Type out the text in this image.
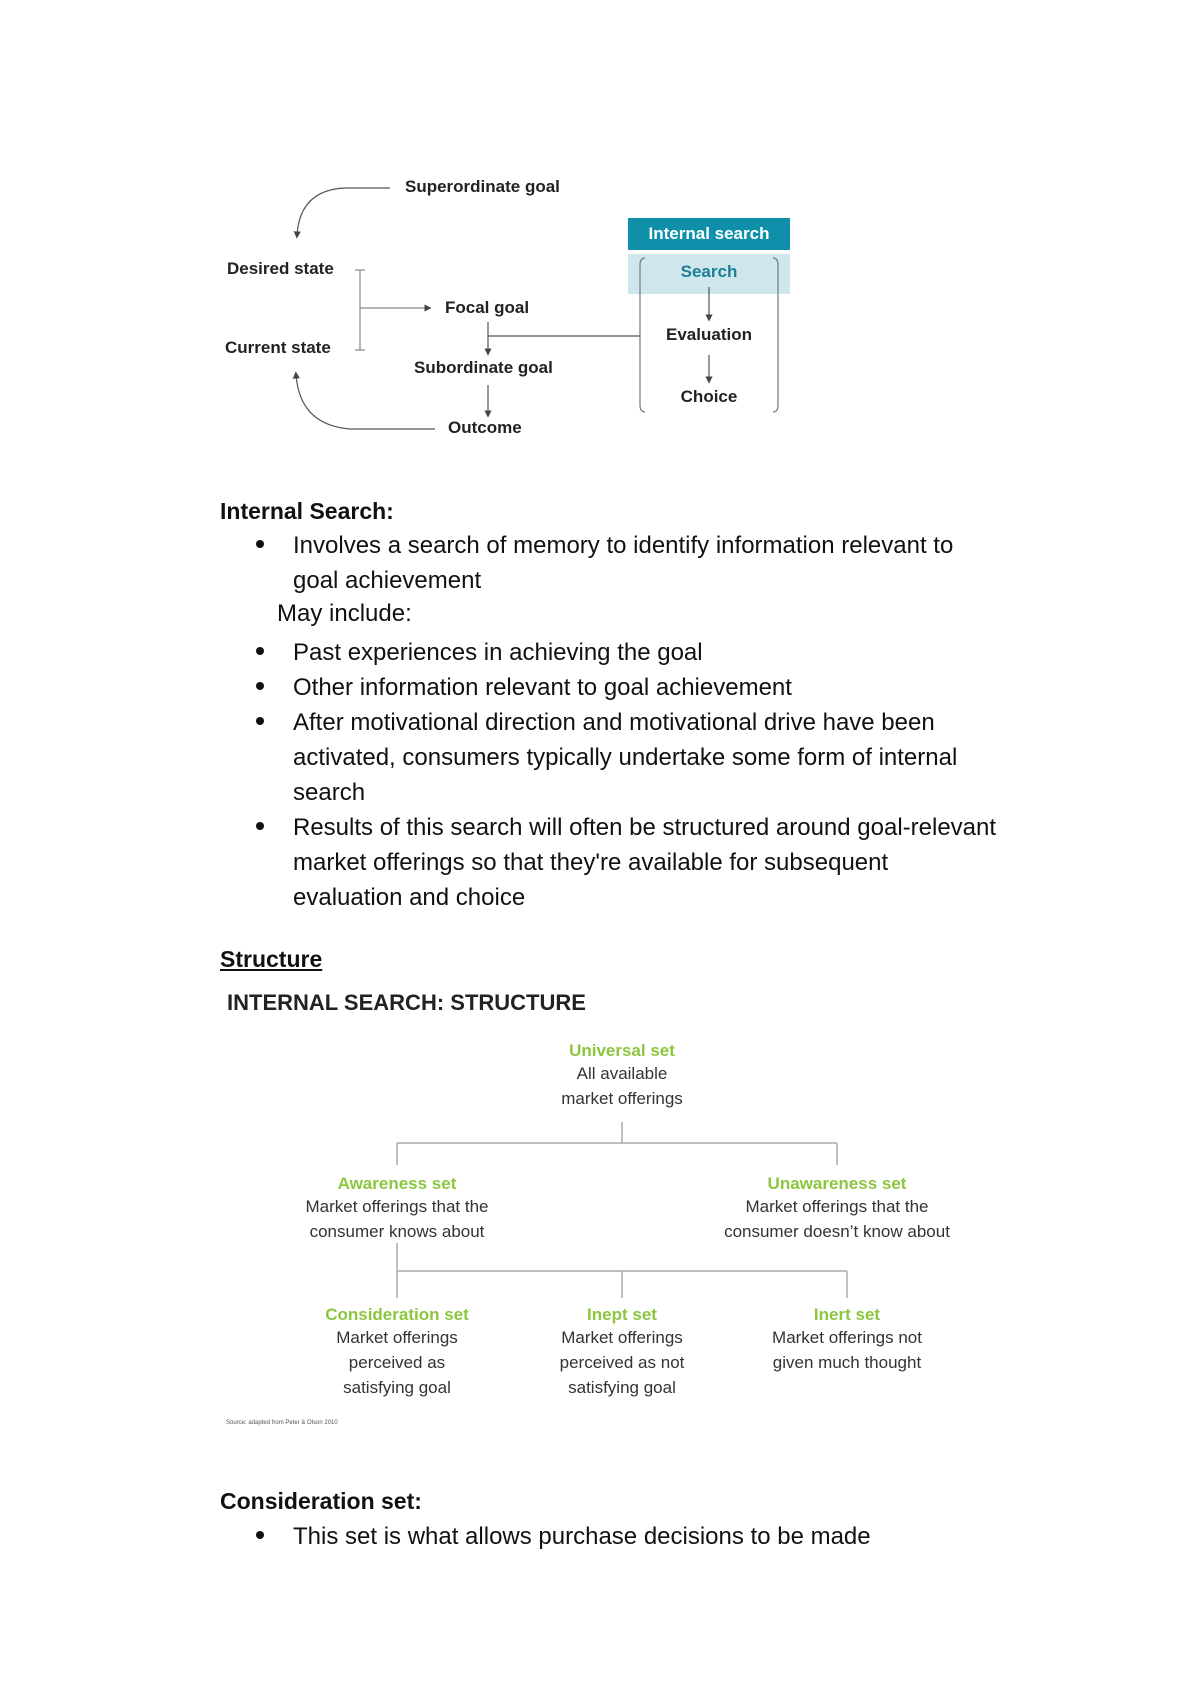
Superordinate goal
Desired state
Current state
Focal goal
Subordinate goal
Outcome
Internal search
Search
Evaluation
Choice
Internal Search:
Involves a search of memory to identify information relevant to
goal achievement
May include:
Past experiences in achieving the goal
Other information relevant to goal achievement
After motivational direction and motivational drive have been
activated, consumers typically undertake some form of internal
search
Results of this search will often be structured around goal-relevant
market offerings so that they're available for subsequent
evaluation and choice
Structure
INTERNAL SEARCH: STRUCTURE
Universal set
All available
market offerings
Awareness set
Market offerings that the
consumer knows about
Unawareness set
Market offerings that the
consumer doesn’t know about
Consideration set
Market offerings
perceived as
satisfying goal
Inept set
Market offerings
perceived as not
satisfying goal
Inert set
Market offerings not
given much thought
Source: adapted from Peter & Olson 2010
Consideration set:
This set is what allows purchase decisions to be made
